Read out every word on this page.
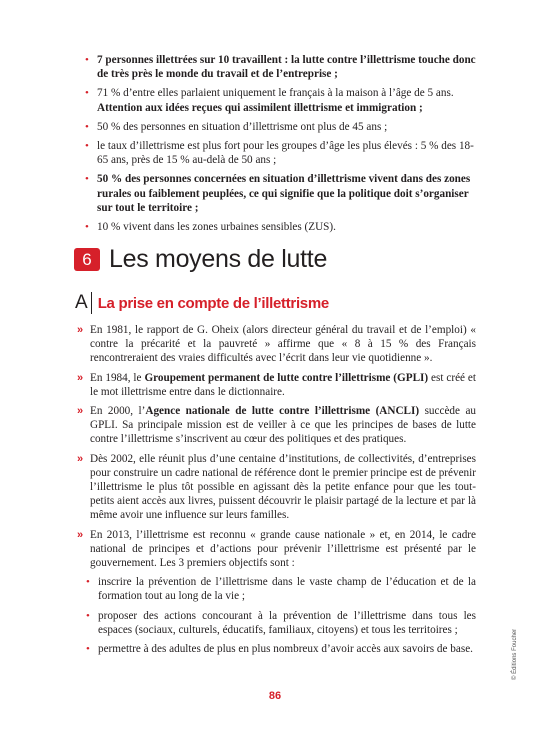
• 7 personnes illettrées sur 10 travaillent : la lutte contre l’illettrisme touche donc de très près le monde du travail et de l’entreprise ;
• 71 % d’entre elles parlaient uniquement le français à la maison à l’âge de 5 ans. Attention aux idées reçues qui assimilent illettrisme et immigration ;
• 50 % des personnes en situation d’illettrisme ont plus de 45 ans ;
• le taux d’illettrisme est plus fort pour les groupes d’âge les plus élevés : 5 % des 18-65 ans, près de 15 % au-delà de 50 ans ;
• 50 % des personnes concernées en situation d’illettrisme vivent dans des zones rurales ou faiblement peuplées, ce qui signifie que la politique doit s’organiser sur tout le territoire ;
• 10 % vivent dans les zones urbaines sensibles (ZUS).
6 Les moyens de lutte
A La prise en compte de l’illettrisme
» En 1981, le rapport de G. Oheix (alors directeur général du travail et de l’emploi) « contre la précarité et la pauvreté » affirme que « 8 à 15 % des Français rencontreraient des vraies difficultés avec l’écrit dans leur vie quotidienne ».
» En 1984, le Groupement permanent de lutte contre l’illettrisme (GPLI) est créé et le mot illettrisme entre dans le dictionnaire.
» En 2000, l’Agence nationale de lutte contre l’illettrisme (ANCLI) succède au GPLI. Sa principale mission est de veiller à ce que les principes de bases de lutte contre l’illettrisme s’inscrivent au cœur des politiques et des pratiques.
» Dès 2002, elle réunit plus d’une centaine d’institutions, de collectivités, d’entreprises pour construire un cadre national de référence dont le premier principe est de prévenir l’illettrisme le plus tôt possible en agissant dès la petite enfance pour que les tout-petits aient accès aux livres, puissent découvrir le plaisir partagé de la lecture et par là même avoir une influence sur leurs familles.
» En 2013, l’illettrisme est reconnu « grande cause nationale » et, en 2014, le cadre national de principes et d’actions pour prévenir l’illettrisme est présenté par le gouvernement. Les 3 premiers objectifs sont :
• inscrire la prévention de l’illettrisme dans le vaste champ de l’éducation et de la formation tout au long de la vie ;
• proposer des actions concourant à la prévention de l’illettrisme dans tous les espaces (sociaux, culturels, éducatifs, familiaux, citoyens) et tous les territoires ;
• permettre à des adultes de plus en plus nombreux d’avoir accès aux savoirs de base.	© Éditions Foucher
86
